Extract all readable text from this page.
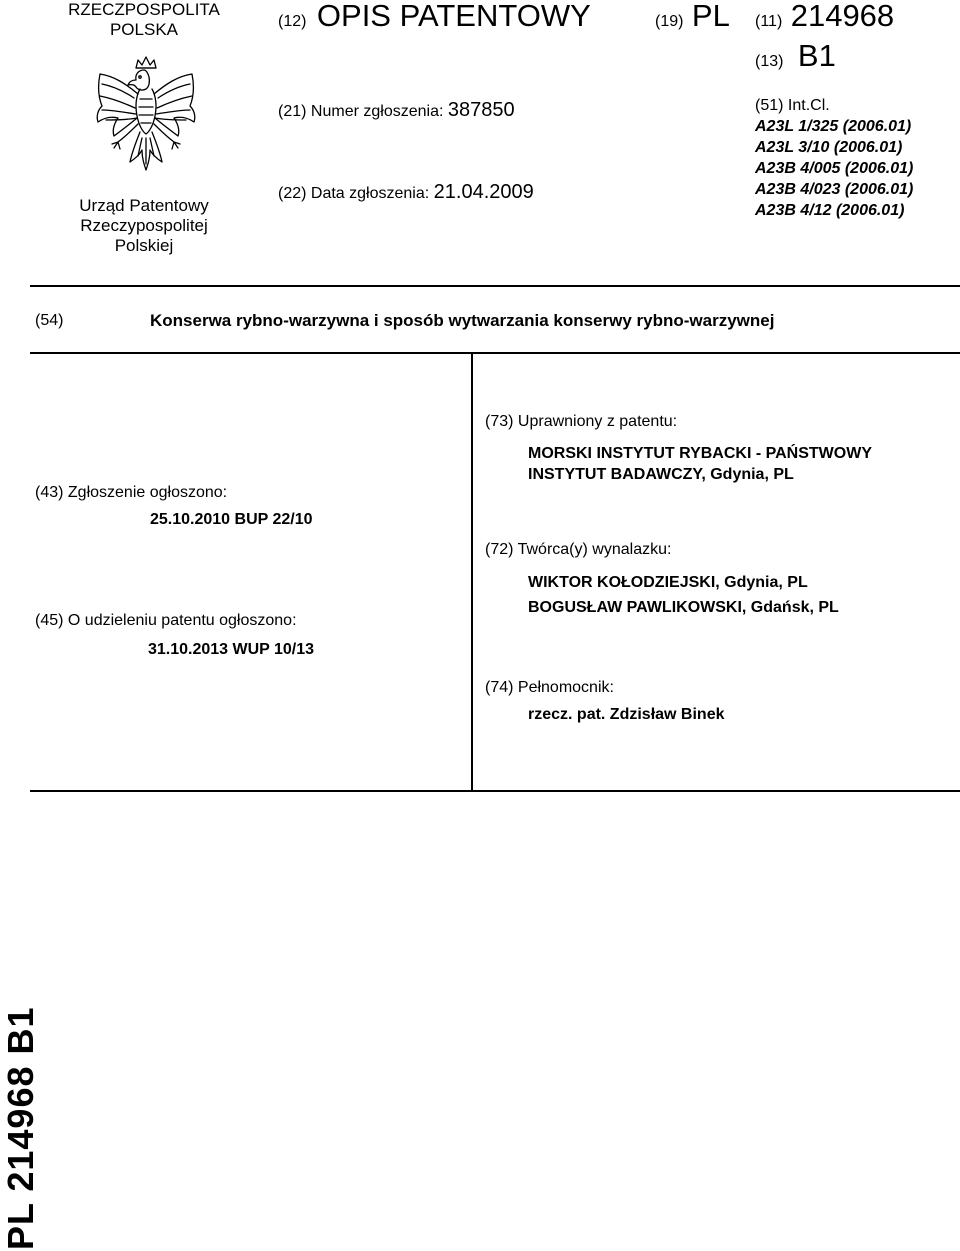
RZECZPOSPOLITA
POLSKA
Urząd Patentowy
Rzeczypospolitej Polskiej
(12) OPIS PATENTOWY
(21) Numer zgłoszenia: 387850
(22) Data zgłoszenia: 21.04.2009
(19) PL (11) 214968
(13) B1
(51) Int.Cl.
A23L 1/325 (2006.01)
A23L 3/10 (2006.01)
A23B 4/005 (2006.01)
A23B 4/023 (2006.01)
A23B 4/12 (2006.01)
(54)	Konserwa rybno-warzywna i sposób wytwarzania konserwy rybno-warzywnej
(43) Zgłoszenie ogłoszono:
25.10.2010 BUP 22/10
(45) O udzieleniu patentu ogłoszono:
31.10.2013 WUP 10/13
(73) Uprawniony z patentu:
MORSKI INSTYTUT RYBACKI - PAŃSTWOWY
INSTYTUT BADAWCZY, Gdynia, PL
(72) Twórca(y) wynalazku:
WIKTOR KOŁODZIEJSKI, Gdynia, PL
BOGUSŁAW PAWLIKOWSKI, Gdańsk, PL
(74) Pełnomocnik:
rzecz. pat. Zdzisław Binek
PL 214968 B1
